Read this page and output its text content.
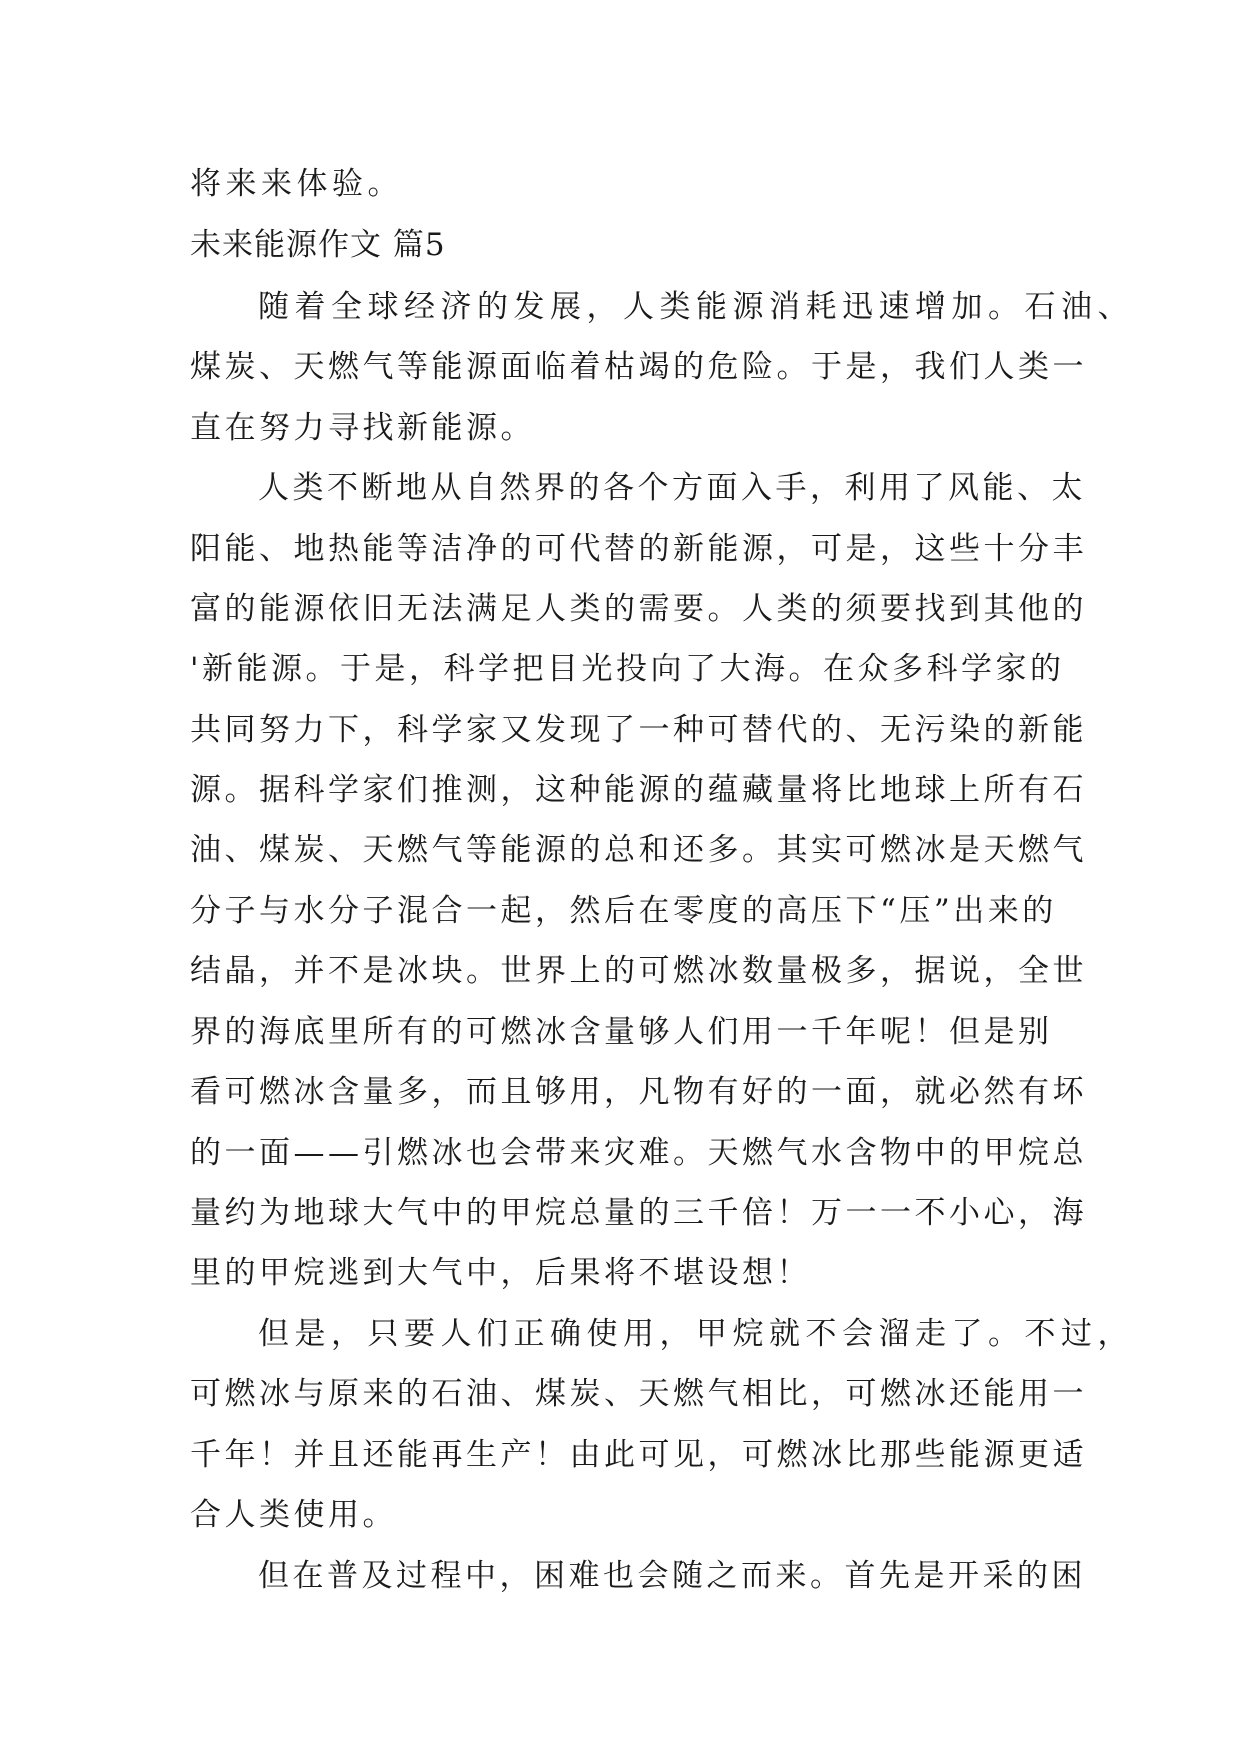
将来来体验。

未来能源作文 篇5

随着全球经济的发展，人类能源消耗迅速增加。石油、

煤炭、天燃气等能源面临着枯竭的危险。于是，我们人类一

直在努力寻找新能源。

人类不断地从自然界的各个方面入手，利用了风能、太

阳能、地热能等洁净的可代替的新能源，可是，这些十分丰

富的能源依旧无法满足人类的需要。人类的须要找到其他的

'新能源。于是，科学把目光投向了大海。在众多科学家的

共同努力下，科学家又发现了一种可替代的、无污染的新能

源。据科学家们推测，这种能源的蕴藏量将比地球上所有石

油、煤炭、天燃气等能源的总和还多。其实可燃冰是天燃气

分子与水分子混合一起，然后在零度的高压下“压”出来的

结晶，并不是冰块。世界上的可燃冰数量极多，据说，全世

界的海底里所有的可燃冰含量够人们用一千年呢！但是别

看可燃冰含量多，而且够用，凡物有好的一面，就必然有坏

的一面——引燃冰也会带来灾难。天燃气水含物中的甲烷总

量约为地球大气中的甲烷总量的三千倍！万一一不小心，海

里的甲烷逃到大气中，后果将不堪设想！

但是，只要人们正确使用，甲烷就不会溜走了。不过，

可燃冰与原来的石油、煤炭、天燃气相比，可燃冰还能用一

千年！并且还能再生产！由此可见，可燃冰比那些能源更适

合人类使用。

但在普及过程中，困难也会随之而来。首先是开采的困
